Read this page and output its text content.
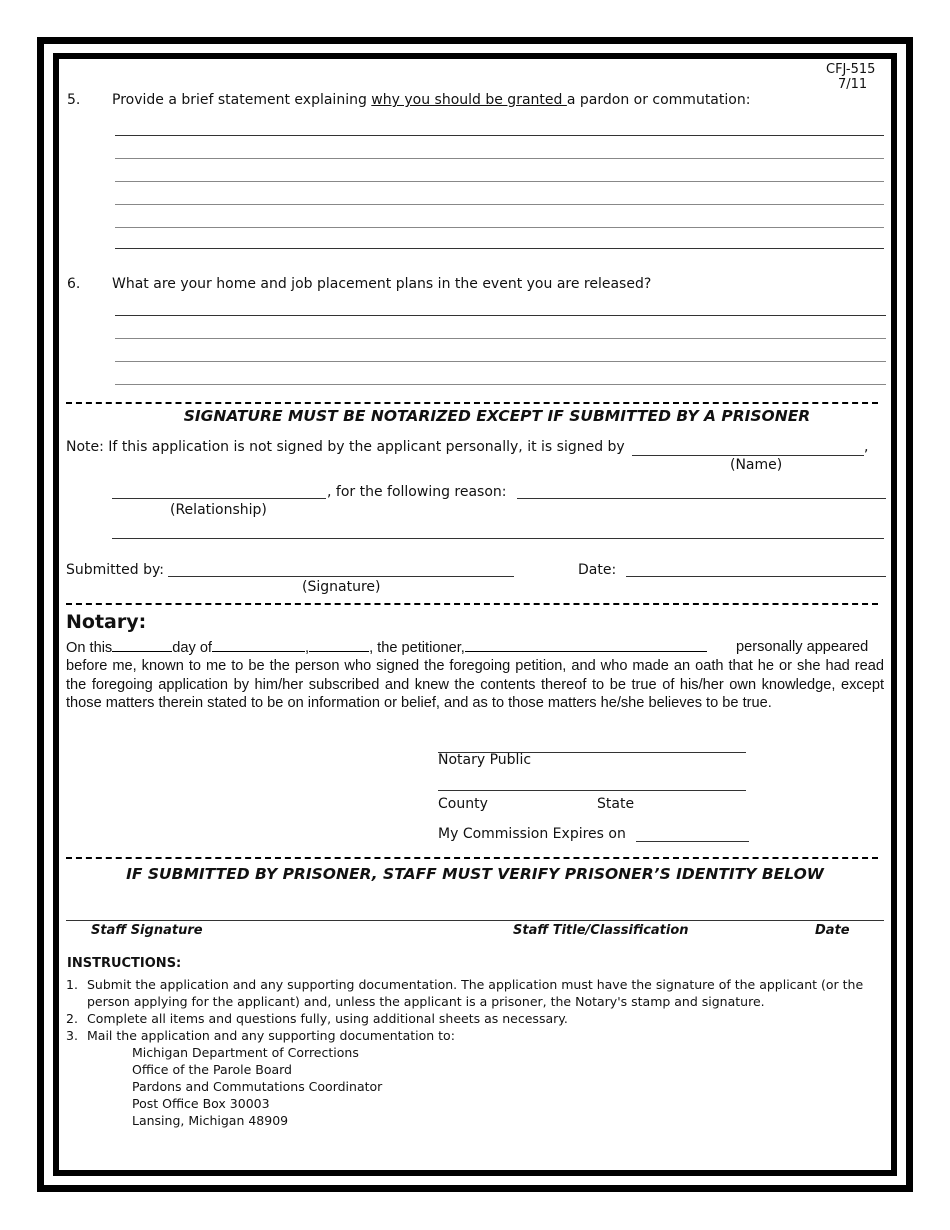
CFJ-515
7/11
5. Provide a brief statement explaining why you should be granted a pardon or commutation:
6. What are your home and job placement plans in the event you are released?
SIGNATURE MUST BE NOTARIZED EXCEPT IF SUBMITTED BY A PRISONER
Note: If this application is not signed by the applicant personally, it is signed by	,
(Name)
, for the following reason:
(Relationship)
Submitted by:	Date:
(Signature)
Notary:
On this	day of	,	, the petitioner,	personally appeared
before me, known to me to be the person who signed the foregoing petition, and who made an oath that he or she had read the foregoing application by him/her subscribed and knew the contents thereof to be true of his/her own knowledge, except those matters therein stated to be on information or belief, and as to those matters he/she believes to be true.
Notary Public
County	State
My Commission Expires on
IF SUBMITTED BY PRISONER, STAFF MUST VERIFY PRISONER’S IDENTITY BELOW
Staff Signature	Staff Title/Classification	Date
INSTRUCTIONS:
1. Submit the application and any supporting documentation. The application must have the signature of the applicant (or the person applying for the applicant) and, unless the applicant is a prisoner, the Notary's stamp and signature.
2. Complete all items and questions fully, using additional sheets as necessary.
3. Mail the application and any supporting documentation to:
Michigan Department of Corrections
Office of the Parole Board
Pardons and Commutations Coordinator
Post Office Box 30003
Lansing, Michigan 48909
